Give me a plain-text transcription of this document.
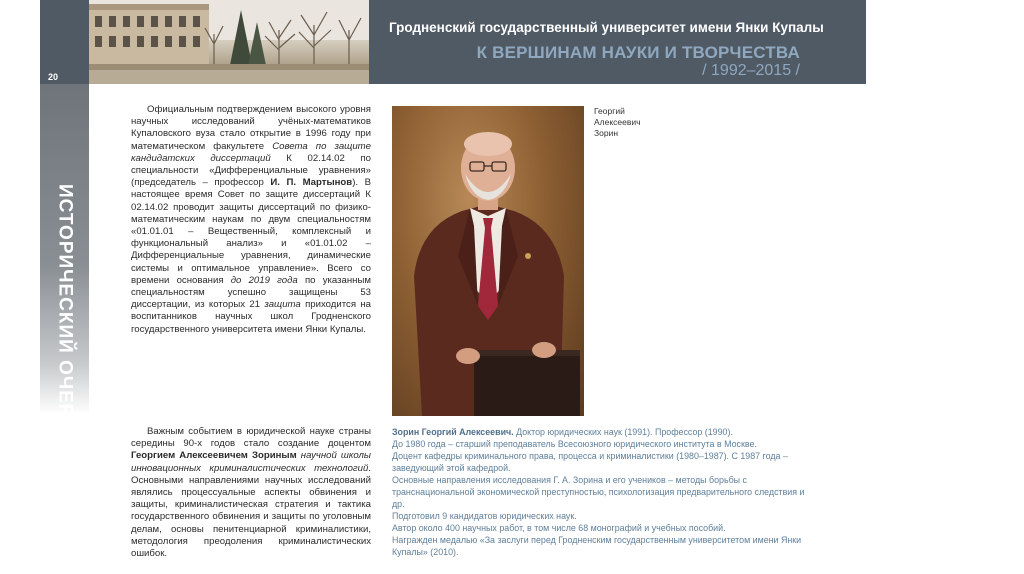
20
Гродненский государственный университет имени Янки Купалы
К ВЕРШИНАМ НАУКИ И ТВОРЧЕСТВА
/ 1992–2015 /
ИСТОРИЧЕСКИЙ ОЧЕРК
Официальным подтверждением высокого уровня научных исследований учёных-математиков Купаловского вуза стало открытие в 1996 году при математическом факультете Совета по защите кандидатских диссертаций К 02.14.02 по специальности «Дифференциальные уравнения» (председатель – профессор И. П. Мартынов). В настоящее время Совет по защите диссертаций К 02.14.02 проводит защиты диссертаций по физико-математическим наукам по двум специальностям «01.01.01 – Вещественный, комплексный и функциональный анализ» и «01.01.02 – Дифференциальные уравнения, динамические системы и оптимальное управление». Всего со времени основания до 2019 года по указанным специальностям успешно защищены 53 диссертации, из которых 21 защита приходится на воспитанников научных школ Гродненского государственного университета имени Янки Купалы.
Георгий
Алексеевич
Зорин
Важным событием в юридической науке страны середины 90-х годов стало создание доцентом Георгием Алексеевичем Зориным научной школы инновационных криминалистических технологий. Основными направлениями научных исследований являлись процессуальные аспекты обвинения и защиты, криминалистическая стратегия и тактика государственного обвинения и защиты по уголовным делам, основы пенитенциарной криминалистики, методология преодоления криминалистических ошибок.

Зорин Георгий Алексеевич. Доктор юридических наук (1991). Профессор (1990).

До 1980 года – старший преподаватель Всесоюзного юридического института в Москве.

Доцент кафедры криминального права, процесса и криминалистики (1980–1987). С 1987 года – заведующий этой кафедрой.

Основные направления исследования Г. А. Зорина и его учеников – методы борьбы с транснациональной экономической преступностью, психологизация предварительного следствия и др.

Подготовил 9 кандидатов юридических наук.

Автор около 400 научных работ, в том числе 68 монографий и учебных пособий.

Награжден медалью «За заслуги перед Гродненским государственным университетом имени Янки Купалы» (2010).
